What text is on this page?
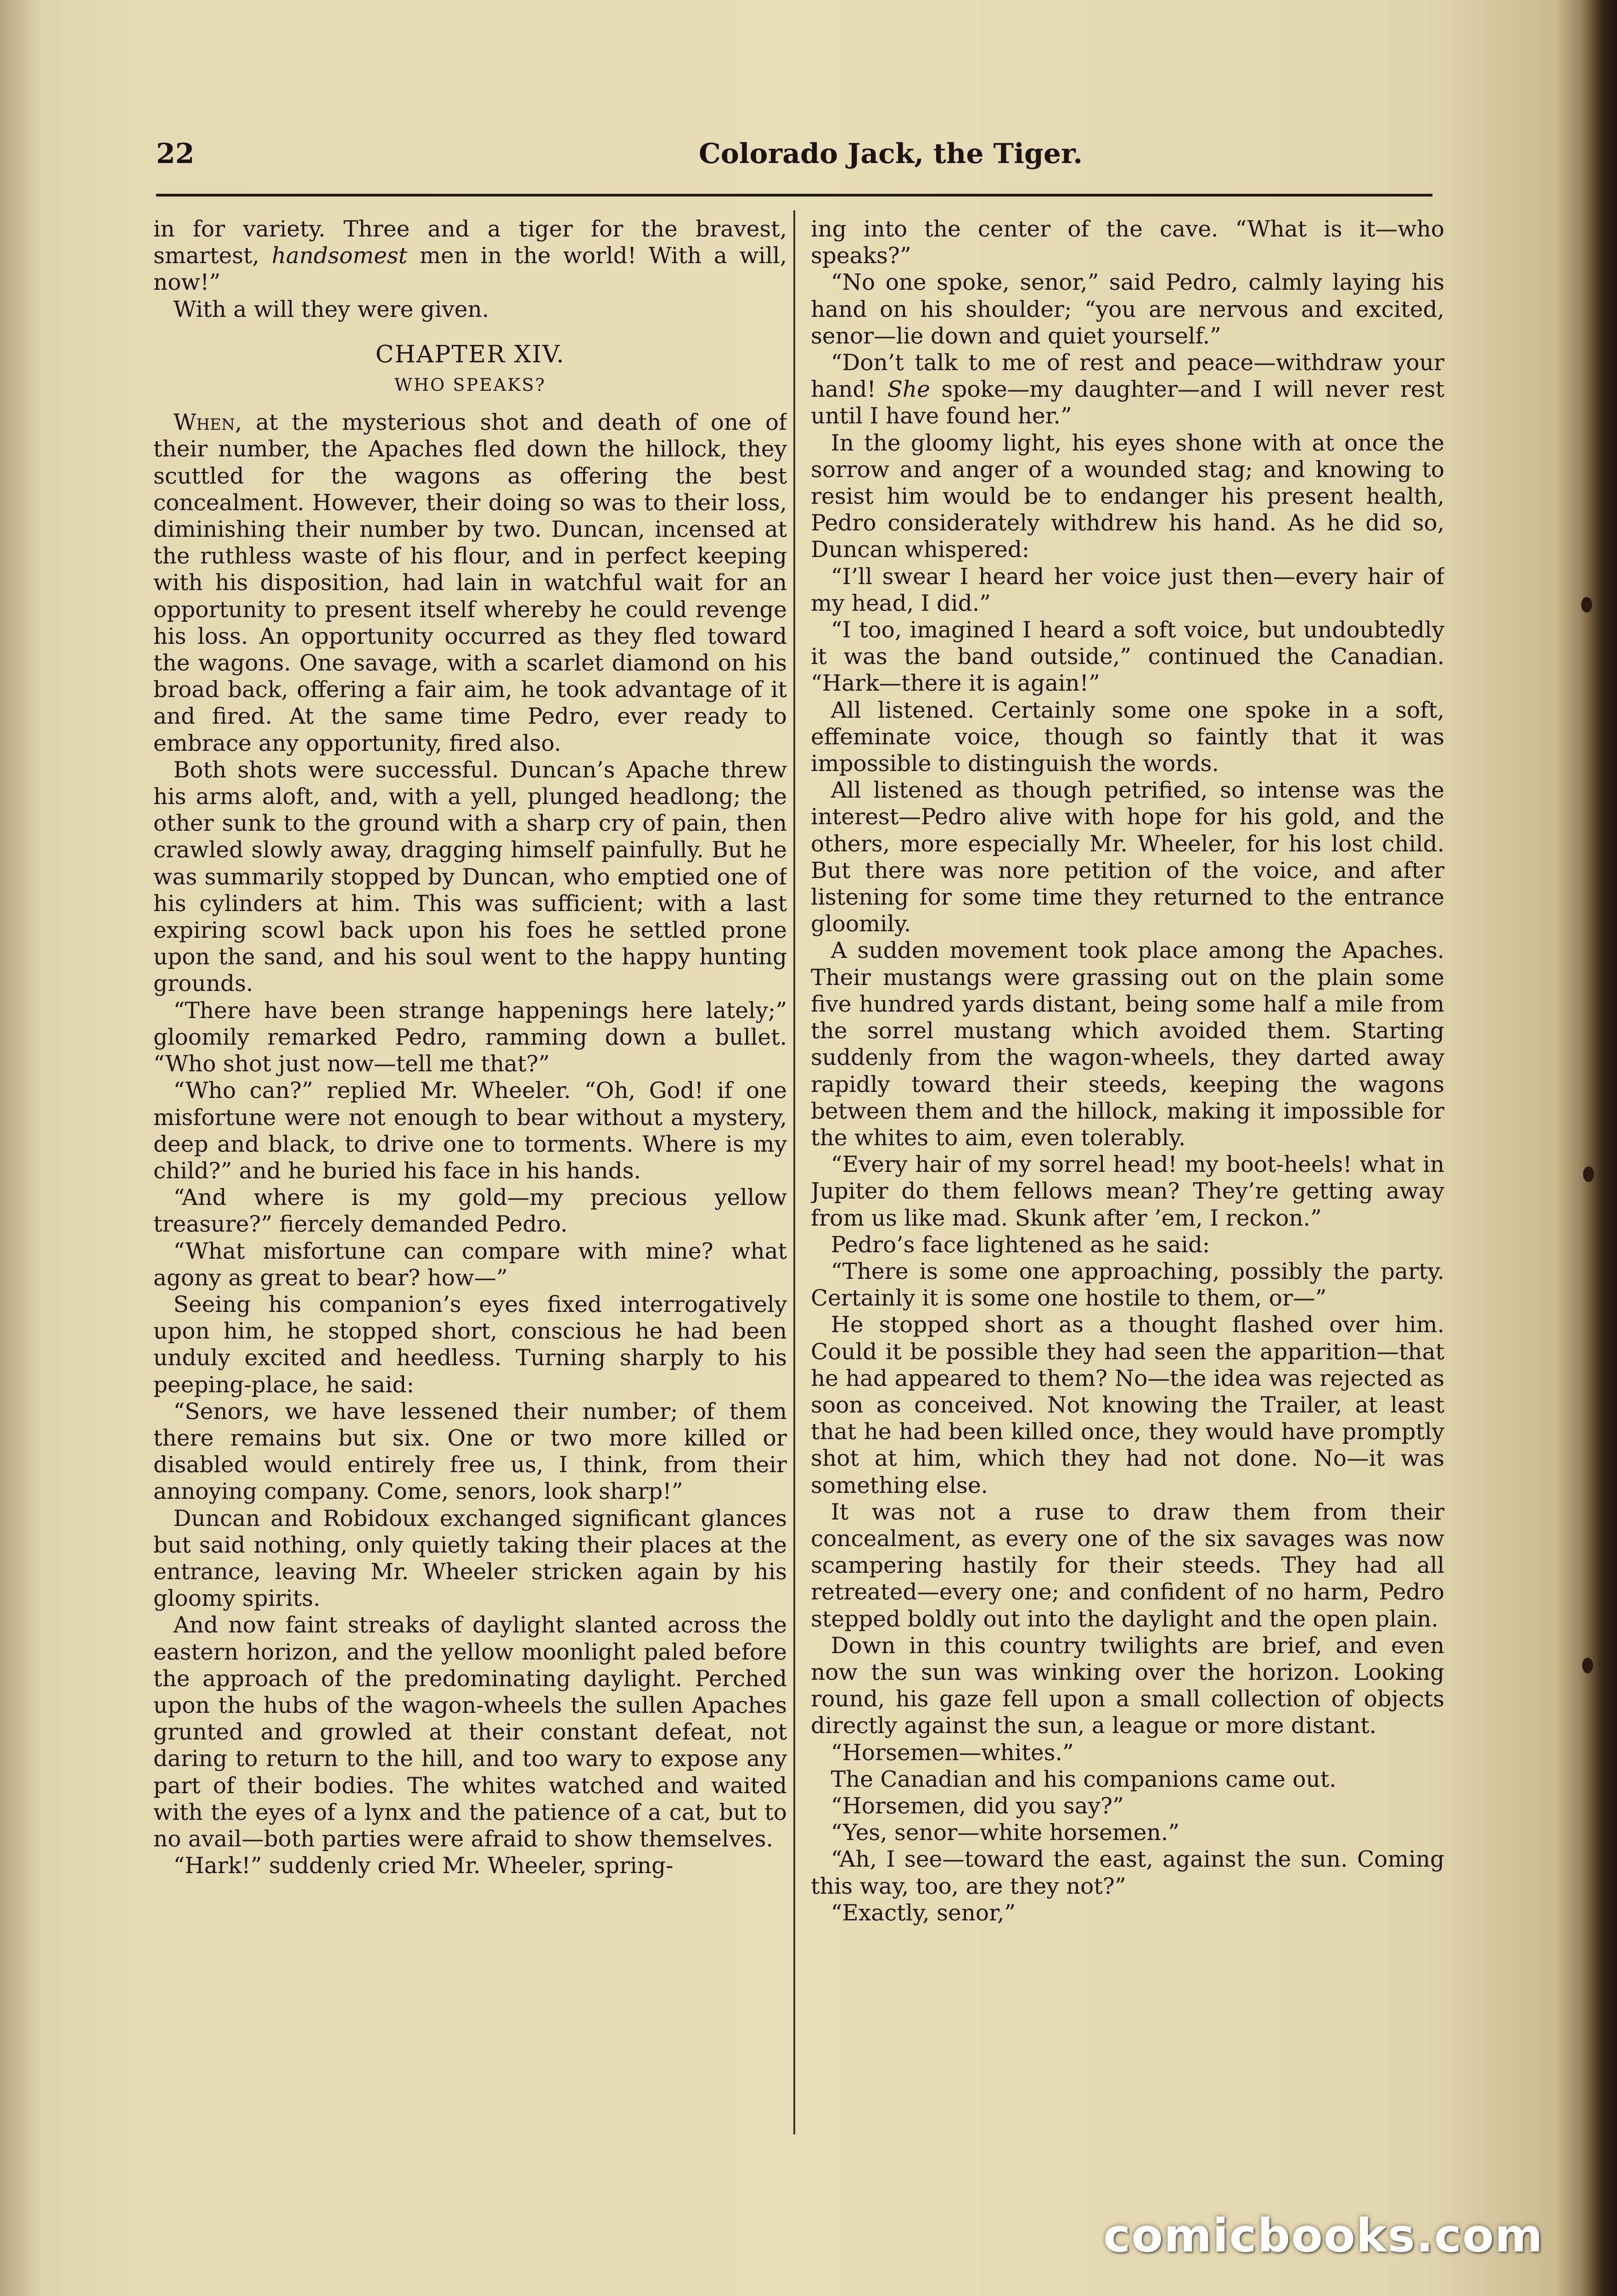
22	Colorado Jack, the Tiger.

in for variety. Three and a tiger for the bravest, smartest, handsomest men in the world! With a will, now!”

With a will they were given.

CHAPTER XIV.
WHO SPEAKS?

When, at the mysterious shot and death of one of their number, the Apaches fled down the hillock, they scuttled for the wagons as offering the best concealment. However, their doing so was to their loss, diminishing their number by two. Duncan, incensed at the ruthless waste of his flour, and in perfect keeping with his disposition, had lain in watchful wait for an opportunity to present itself whereby he could revenge his loss. An opportunity occurred as they fled toward the wagons. One savage, with a scarlet diamond on his broad back, offering a fair aim, he took advantage of it and fired. At the same time Pedro, ever ready to embrace any opportunity, fired also.

Both shots were successful. Duncan’s Apache threw his arms aloft, and, with a yell, plunged headlong; the other sunk to the ground with a sharp cry of pain, then crawled slowly away, dragging himself painfully. But he was summarily stopped by Duncan, who emptied one of his cylinders at him. This was sufficient; with a last expiring scowl back upon his foes he settled prone upon the sand, and his soul went to the happy hunting grounds.

“There have been strange happenings here lately;” gloomily remarked Pedro, ramming down a bullet. “Who shot just now—tell me that?”

“Who can?” replied Mr. Wheeler. “Oh, God! if one misfortune were not enough to bear without a mystery, deep and black, to drive one to torments. Where is my child?” and he buried his face in his hands.

“And where is my gold—my precious yellow treasure?” fiercely demanded Pedro.

“What misfortune can compare with mine? what agony as great to bear? how—”

Seeing his companion’s eyes fixed interrogatively upon him, he stopped short, conscious he had been unduly excited and heedless. Turning sharply to his peeping-place, he said:

“Senors, we have lessened their number; of them there remains but six. One or two more killed or disabled would entirely free us, I think, from their annoying company. Come, senors, look sharp!”

Duncan and Robidoux exchanged significant glances but said nothing, only quietly taking their places at the entrance, leaving Mr. Wheeler stricken again by his gloomy spirits.

And now faint streaks of daylight slanted across the eastern horizon, and the yellow moonlight paled before the approach of the predominating daylight. Perched upon the hubs of the wagon-wheels the sullen Apaches grunted and growled at their constant defeat, not daring to return to the hill, and too wary to expose any part of their bodies. The whites watched and waited with the eyes of a lynx and the patience of a cat, but to no avail—both parties were afraid to show themselves.

“Hark!” suddenly cried Mr. Wheeler, spring-

ing into the center of the cave. “What is it—who speaks?”

“No one spoke, senor,” said Pedro, calmly laying his hand on his shoulder; “you are nervous and excited, senor—lie down and quiet yourself.”

“Don’t talk to me of rest and peace—withdraw your hand! She spoke—my daughter—and I will never rest until I have found her.”

In the gloomy light, his eyes shone with at once the sorrow and anger of a wounded stag; and knowing to resist him would be to endanger his present health, Pedro considerately withdrew his hand. As he did so, Duncan whispered:

“I’ll swear I heard her voice just then—every hair of my head, I did.”

“I too, imagined I heard a soft voice, but undoubtedly it was the band outside,” continued the Canadian. “Hark—there it is again!”

All listened. Certainly some one spoke in a soft, effeminate voice, though so faintly that it was impossible to distinguish the words.

All listened as though petrified, so intense was the interest—Pedro alive with hope for his gold, and the others, more especially Mr. Wheeler, for his lost child. But there was nore petition of the voice, and after listening for some time they returned to the entrance gloomily.

A sudden movement took place among the Apaches. Their mustangs were grassing out on the plain some five hundred yards distant, being some half a mile from the sorrel mustang which avoided them. Starting suddenly from the wagon-wheels, they darted away rapidly toward their steeds, keeping the wagons between them and the hillock, making it impossible for the whites to aim, even tolerably.

“Every hair of my sorrel head! my boot-heels! what in Jupiter do them fellows mean? They’re getting away from us like mad. Skunk after ’em, I reckon.”

Pedro’s face lightened as he said:

“There is some one approaching, possibly the party. Certainly it is some one hostile to them, or—”

He stopped short as a thought flashed over him. Could it be possible they had seen the apparition—that he had appeared to them? No—the idea was rejected as soon as conceived. Not knowing the Trailer, at least that he had been killed once, they would have promptly shot at him, which they had not done. No—it was something else.

It was not a ruse to draw them from their concealment, as every one of the six savages was now scampering hastily for their steeds. They had all retreated—every one; and confident of no harm, Pedro stepped boldly out into the daylight and the open plain.

Down in this country twilights are brief, and even now the sun was winking over the horizon. Looking round, his gaze fell upon a small collection of objects directly against the sun, a league or more distant.

“Horsemen—whites.”

The Canadian and his companions came out.

“Horsemen, did you say?”

“Yes, senor—white horsemen.”

“Ah, I see—toward the east, against the sun. Coming this way, too, are they not?”

“Exactly, senor,”

comicbooks.com
